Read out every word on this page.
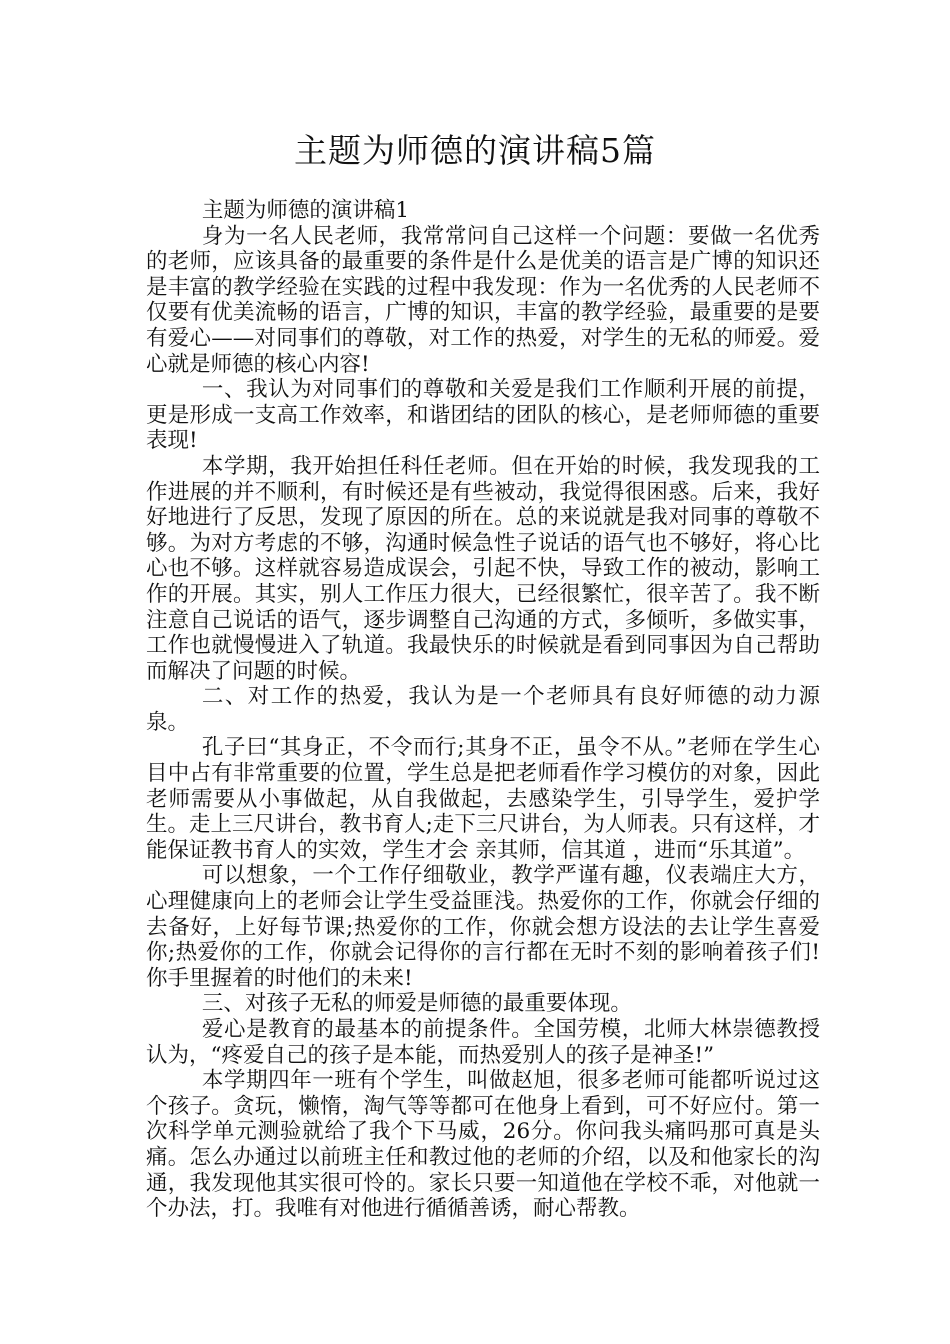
主题为师德的演讲稿5篇

主题为师德的演讲稿1

身为一名人民老师，我常常问自己这样一个问题：要做一名优秀的老师，应该具备的最重要的条件是什么是优美的语言是广博的知识还是丰富的教学经验在实践的过程中我发现：作为一名优秀的人民老师不仅要有优美流畅的语言，广博的知识，丰富的教学经验，最重要的是要有爱心——对同事们的尊敬，对工作的热爱，对学生的无私的师爱。爱心就是师德的核心内容!

一、我认为对同事们的尊敬和关爱是我们工作顺利开展的前提，更是形成一支高工作效率，和谐团结的团队的核心，是老师师德的重要表现!

本学期，我开始担任科任老师。但在开始的时候，我发现我的工作进展的并不顺利，有时候还是有些被动，我觉得很困惑。后来，我好好地进行了反思，发现了原因的所在。总的来说就是我对同事的尊敬不够。为对方考虑的不够，沟通时候急性子说话的语气也不够好，将心比心也不够。这样就容易造成误会，引起不快，导致工作的被动，影响工作的开展。其实，别人工作压力很大，已经很繁忙，很辛苦了。我不断注意自己说话的语气，逐步调整自己沟通的方式，多倾听，多做实事，工作也就慢慢进入了轨道。我最快乐的时候就是看到同事因为自己帮助而解决了问题的时候。

二、对工作的热爱，我认为是一个老师具有良好师德的动力源泉。

孔子曰“其身正，不令而行;其身不正，虽令不从。”老师在学生心目中占有非常重要的位置，学生总是把老师看作学习模仿的对象，因此老师需要从小事做起，从自我做起，去感染学生，引导学生，爱护学生。走上三尺讲台，教书育人;走下三尺讲台，为人师表。只有这样，才能保证教书育人的实效，学生才会 亲其师，信其道 ，进而“乐其道”。

可以想象，一个工作仔细敬业，教学严谨有趣，仪表端庄大方，心理健康向上的老师会让学生受益匪浅。热爱你的工作，你就会仔细的去备好，上好每节课;热爱你的工作，你就会想方设法的去让学生喜爱你;热爱你的工作，你就会记得你的言行都在无时不刻的影响着孩子们!你手里握着的时他们的未来!

三、对孩子无私的师爱是师德的最重要体现。

爱心是教育的最基本的前提条件。全国劳模，北师大林崇德教授认为，“疼爱自己的孩子是本能，而热爱别人的孩子是神圣!”

本学期四年一班有个学生，叫做赵旭，很多老师可能都听说过这个孩子。贪玩，懒惰，淘气等等都可在他身上看到，可不好应付。第一次科学单元测验就给了我个下马威，26分。你问我头痛吗那可真是头痛。怎么办通过以前班主任和教过他的老师的介绍，以及和他家长的沟通，我发现他其实很可怜的。家长只要一知道他在学校不乖，对他就一个办法，打。我唯有对他进行循循善诱，耐心帮教。
